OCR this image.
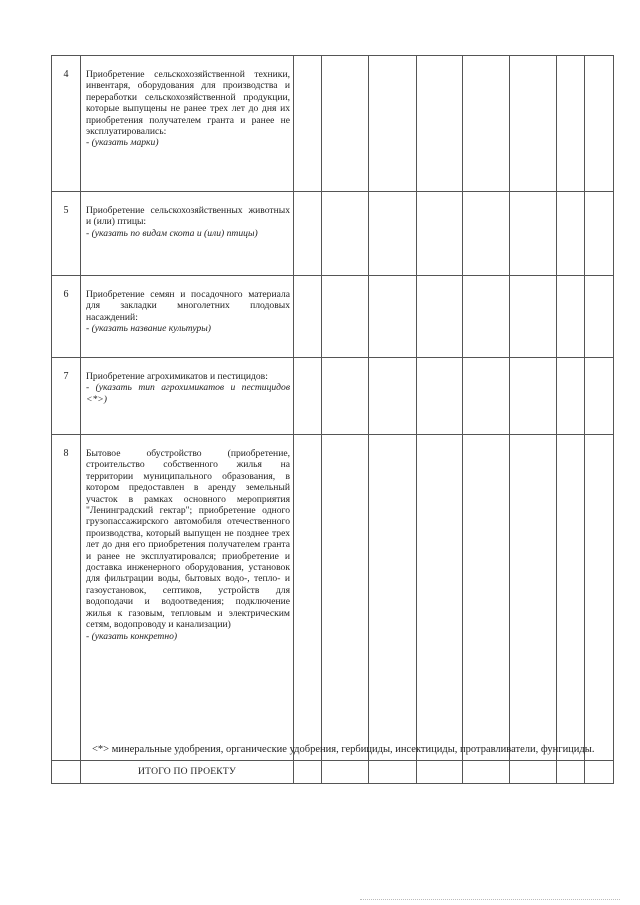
4	Приобретение сельскохозяйственной техники, инвентаря, оборудования для производства и переработки сельскохозяйственной продукции, которые выпущены не ранее трех лет до дня их приобретения получателем гранта и ранее не эксплуатировались:
- (указать марки)								

5	Приобретение сельскохозяйственных животных и (или) птицы:
- (указать по видам скота и (или) птицы)								

6	Приобретение семян и посадочного материала для закладки многолетних плодовых насаждений:
- (указать название культуры)								

7	Приобретение агрохимикатов и пестицидов:
- (указать тип агрохимикатов и пестицидов <*>)								

8	Бытовое обустройство (приобретение, строительство собственного жилья на территории муниципального образования, в котором предоставлен в аренду земельный участок в рамках основного мероприятия "Ленинградский гектар"; приобретение одного грузопассажирского автомобиля отечественного производства, который выпущен не позднее трех лет до дня его приобретения получателем гранта и ранее не эксплуатировался; приобретение и доставка инженерного оборудования, установок для фильтрации воды, бытовых водо-, тепло- и газоустановок, септиков, устройств для водоподачи и водоотведения; подключение жилья к газовым, тепловым и электрическим сетям, водопроводу и канализации)
- (указать конкретно)								

	ИТОГО ПО ПРОЕКТУ								
<*> минеральные удобрения, органические удобрения, гербициды, инсектициды, протравливатели, фунгициды.
